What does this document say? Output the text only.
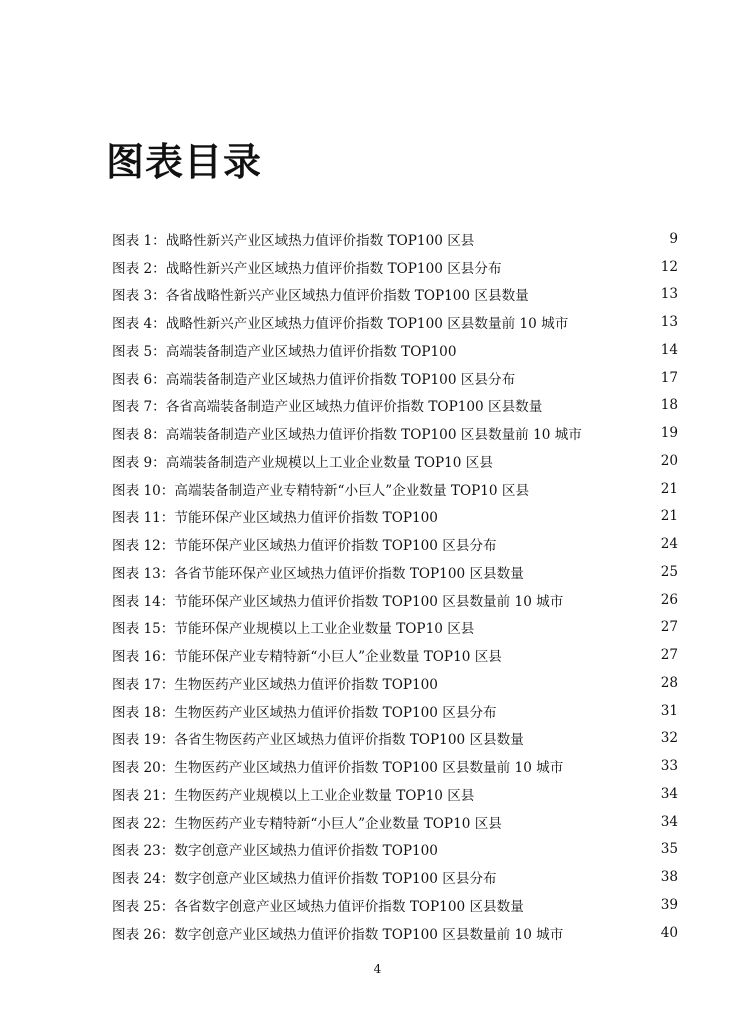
图表目录
图表 1：战略性新兴产业区域热力值评价指数 TOP100 区县	9
图表 2：战略性新兴产业区域热力值评价指数 TOP100 区县分布	12
图表 3：各省战略性新兴产业区域热力值评价指数 TOP100 区县数量	13
图表 4：战略性新兴产业区域热力值评价指数 TOP100 区县数量前 10 城市	13
图表 5：高端装备制造产业区域热力值评价指数 TOP100	14
图表 6：高端装备制造产业区域热力值评价指数 TOP100 区县分布	17
图表 7：各省高端装备制造产业区域热力值评价指数 TOP100 区县数量	18
图表 8：高端装备制造产业区域热力值评价指数 TOP100 区县数量前 10 城市	19
图表 9：高端装备制造产业规模以上工业企业数量 TOP10 区县	20
图表 10：高端装备制造产业专精特新“小巨人”企业数量 TOP10 区县	21
图表 11：节能环保产业区域热力值评价指数 TOP100	21
图表 12：节能环保产业区域热力值评价指数 TOP100 区县分布	24
图表 13：各省节能环保产业区域热力值评价指数 TOP100 区县数量	25
图表 14：节能环保产业区域热力值评价指数 TOP100 区县数量前 10 城市	26
图表 15：节能环保产业规模以上工业企业数量 TOP10 区县	27
图表 16：节能环保产业专精特新“小巨人”企业数量 TOP10 区县	27
图表 17：生物医药产业区域热力值评价指数 TOP100	28
图表 18：生物医药产业区域热力值评价指数 TOP100 区县分布	31
图表 19：各省生物医药产业区域热力值评价指数 TOP100 区县数量	32
图表 20：生物医药产业区域热力值评价指数 TOP100 区县数量前 10 城市	33
图表 21：生物医药产业规模以上工业企业数量 TOP10 区县	34
图表 22：生物医药产业专精特新“小巨人”企业数量 TOP10 区县	34
图表 23：数字创意产业区域热力值评价指数 TOP100	35
图表 24：数字创意产业区域热力值评价指数 TOP100 区县分布	38
图表 25：各省数字创意产业区域热力值评价指数 TOP100 区县数量	39
图表 26：数字创意产业区域热力值评价指数 TOP100 区县数量前 10 城市	40
4
